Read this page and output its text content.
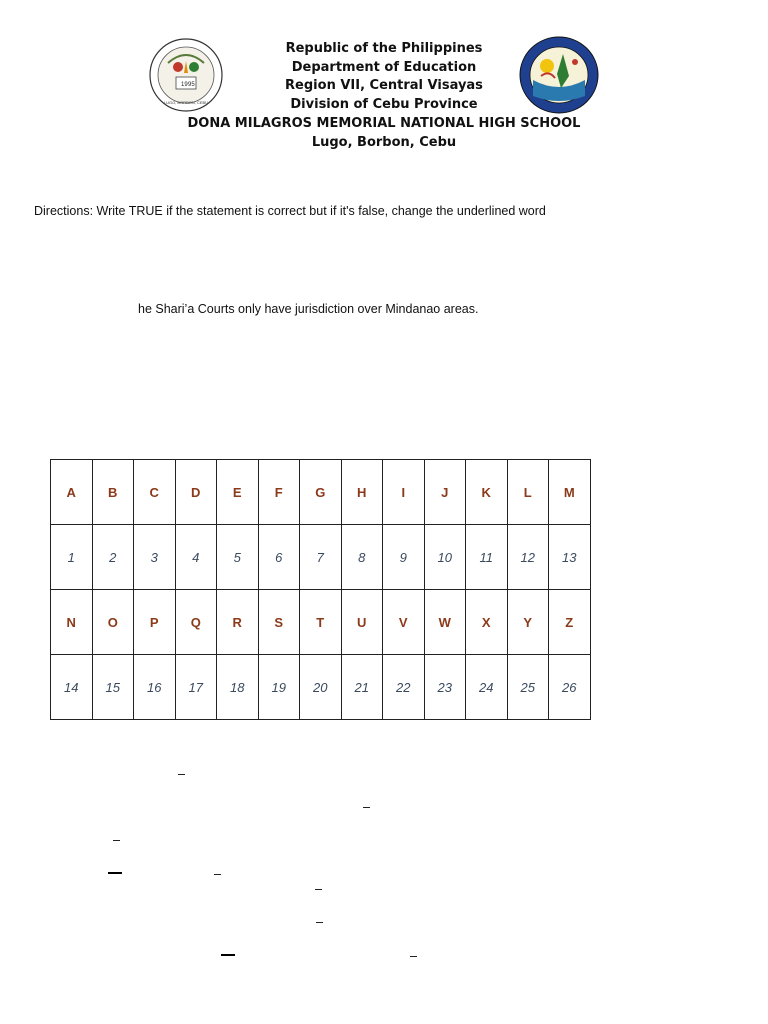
19 95
LUGO, BORBON, CEBU
Republic of the Philippines
Department of Education
Region VII, Central Visayas
Division of Cebu Province
DONA MILAGROS MEMORIAL NATIONAL HIGH SCHOOL
Lugo, Borbon, Cebu
Directions: Write TRUE if the statement is correct but if it's false, change the underlined word
he Shari’a Courts only have jurisdiction over Mindanao areas.
A	B	C	D	E	F	G	H	I	J	K	L	M
1	2	3	4	5	6	7	8	9	10	11	12	13
N	O	P	Q	R	S	T	U	V	W	X	Y	Z
14	15	16	17	18	19	20	21	22	23	24	25	26
